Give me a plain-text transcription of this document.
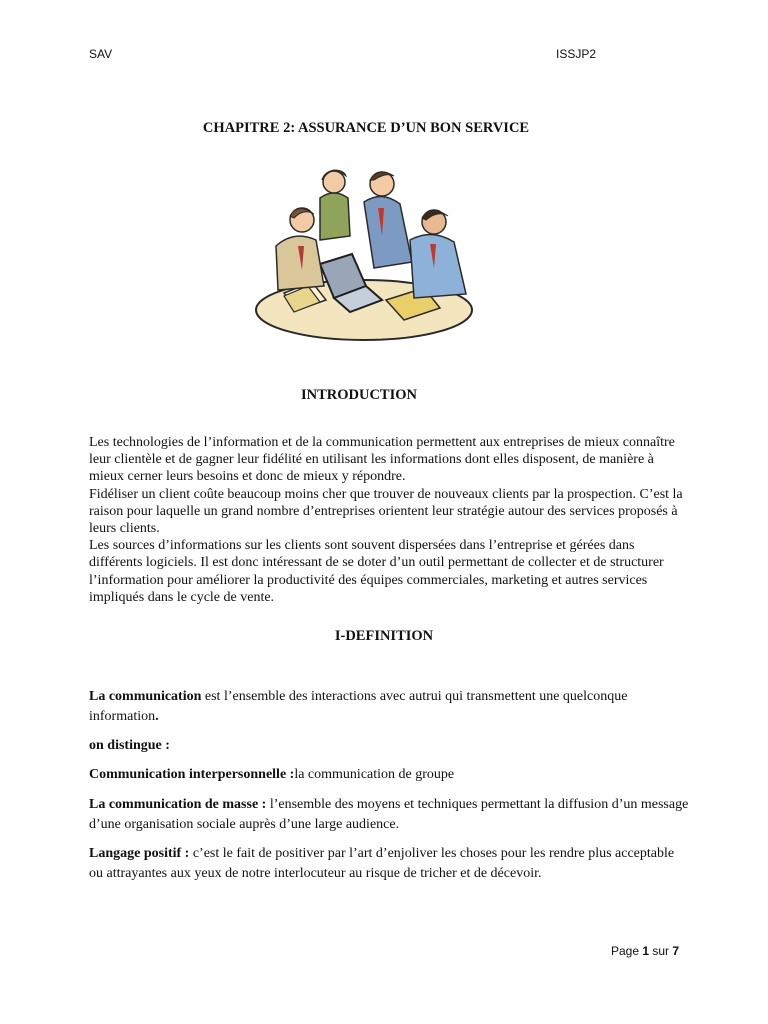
SAV	ISSJP2
CHAPITRE 2: ASSURANCE D’UN BON SERVICE
INTRODUCTION

Les technologies de l’information et de la communication permettent aux entreprises de mieux connaître leur clientèle et de gagner leur fidélité en utilisant les informations dont elles disposent, de manière à mieux cerner leurs besoins et donc de mieux y répondre.

Fidéliser un client coûte beaucoup moins cher que trouver de nouveaux clients par la prospection. C’est la raison pour laquelle un grand nombre d’entreprises orientent leur stratégie autour des services proposés à leurs clients.

Les sources d’informations sur les clients sont souvent dispersées dans l’entreprise et gérées dans différents logiciels. Il est donc intéressant de se doter d’un outil permettant de collecter et de structurer l’information pour améliorer la productivité des équipes commerciales, marketing et autres services impliqués dans le cycle de vente.

I-DEFINITION

La communication est l’ensemble des interactions avec autrui qui transmettent une quelconque information.

on distingue :

Communication interpersonnelle :la communication de groupe

La communication de masse : l’ensemble des moyens et techniques permettant la diffusion d’un message d’une organisation sociale auprès d’une large audience.

Langage positif : c’est le fait de positiver par l’art d’enjoliver les choses pour les rendre plus acceptable ou attrayantes aux yeux de notre interlocuteur au risque de tricher et de décevoir.

Page 1 sur 7
